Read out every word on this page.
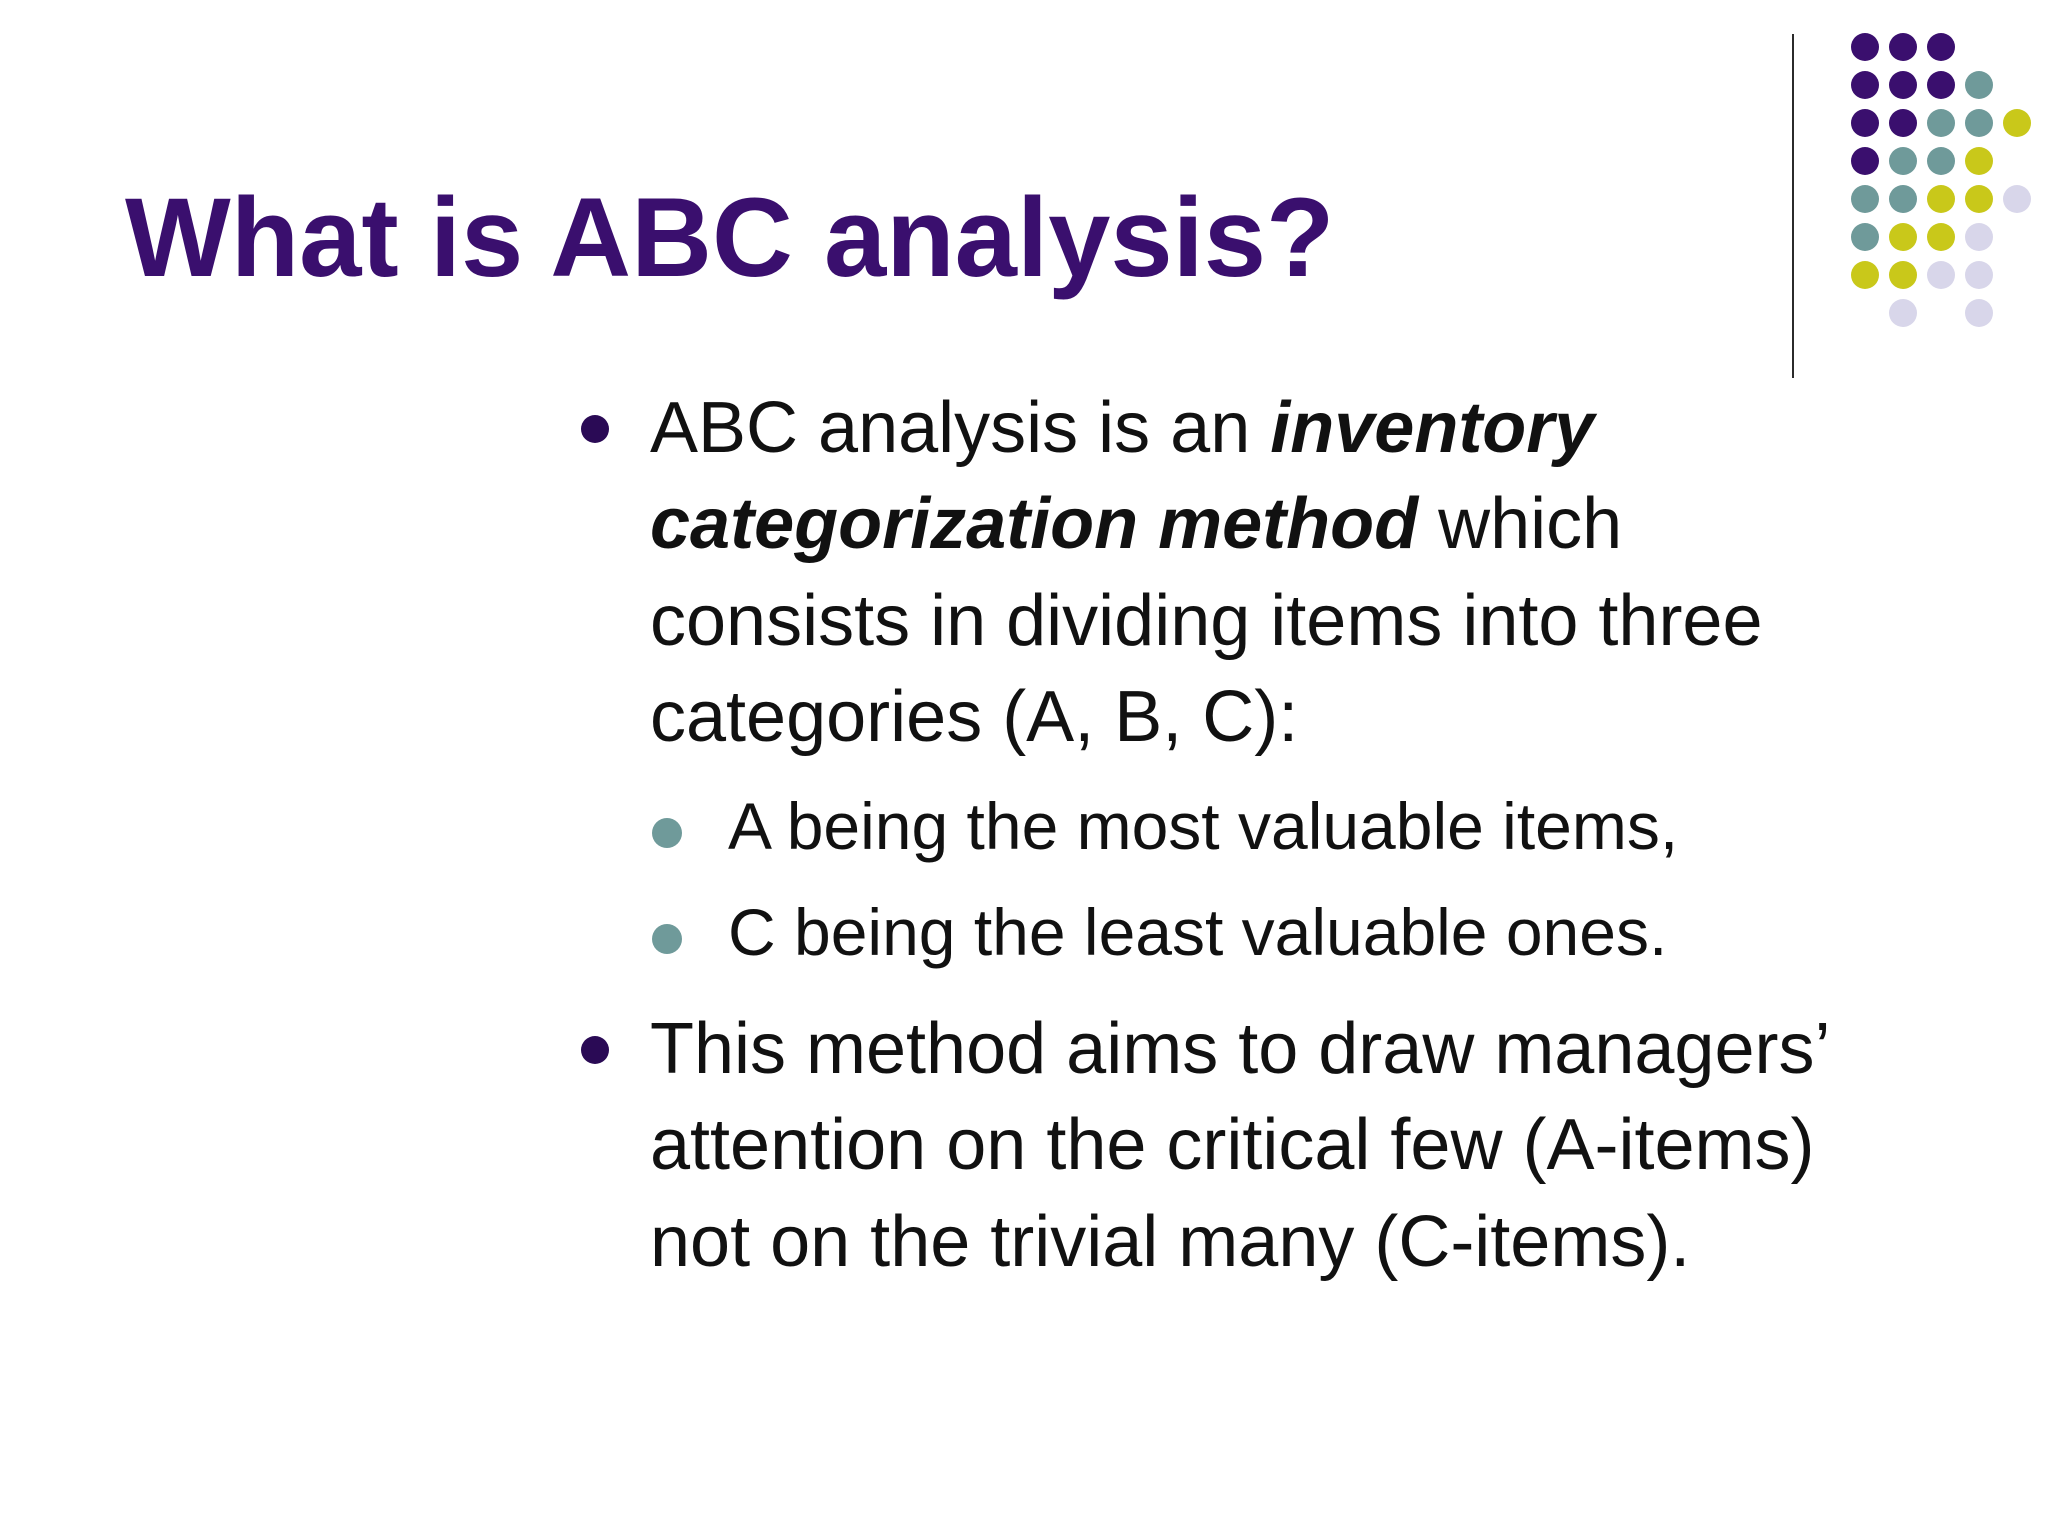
What is ABC analysis?
ABC analysis is an inventory
categorization method which
consists in dividing items into three
categories (A, B, C):
A being the most valuable items,
C being the least valuable ones.
This method aims to draw managers’
attention on the critical few (A-items)
not on the trivial many (C-items).
